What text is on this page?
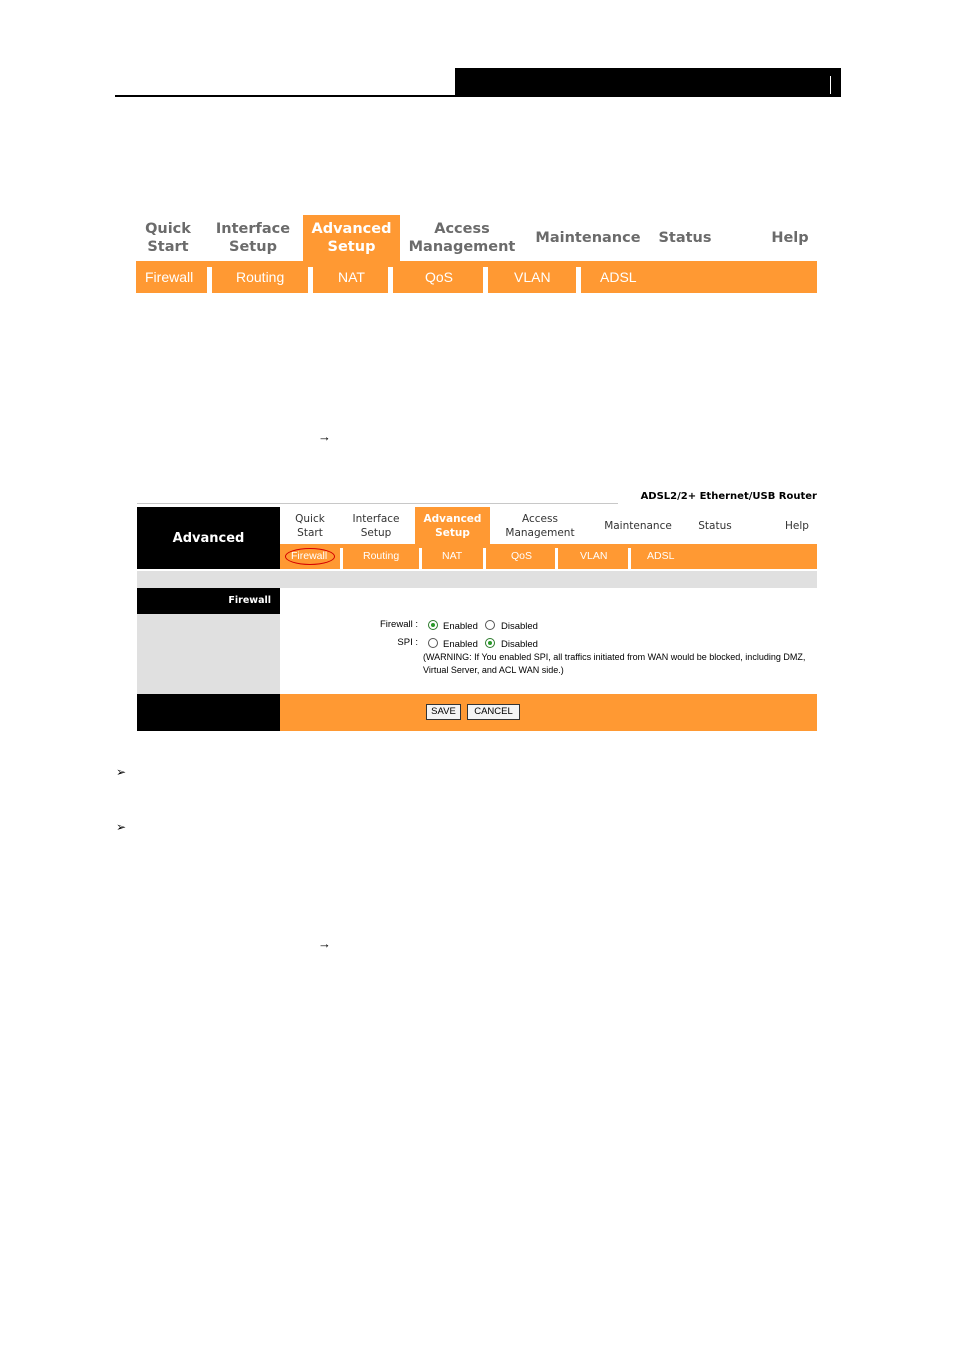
Quick
Start
Interface
Setup
Advanced
Setup
Access
Management
Maintenance Status	Help
Firewall	Routing	NAT	QoS	VLAN	ADSL
→
ADSL2/2+ Ethernet/USB Router
Advanced
Quick
Start
Interface
Setup
Advanced
Setup
Access
Management
Maintenance	Status	Help
Firewall	Routing	NAT	QoS	VLAN	ADSL
Firewall
Firewall :	Enabled Disabled
SPI :	Enabled Disabled
(WARNING: If You enabled SPI, all traffics initiated from WAN would be blocked, including DMZ, Virtual Server, and ACL WAN side.)
SAVE	CANCEL
➢
➢
→
